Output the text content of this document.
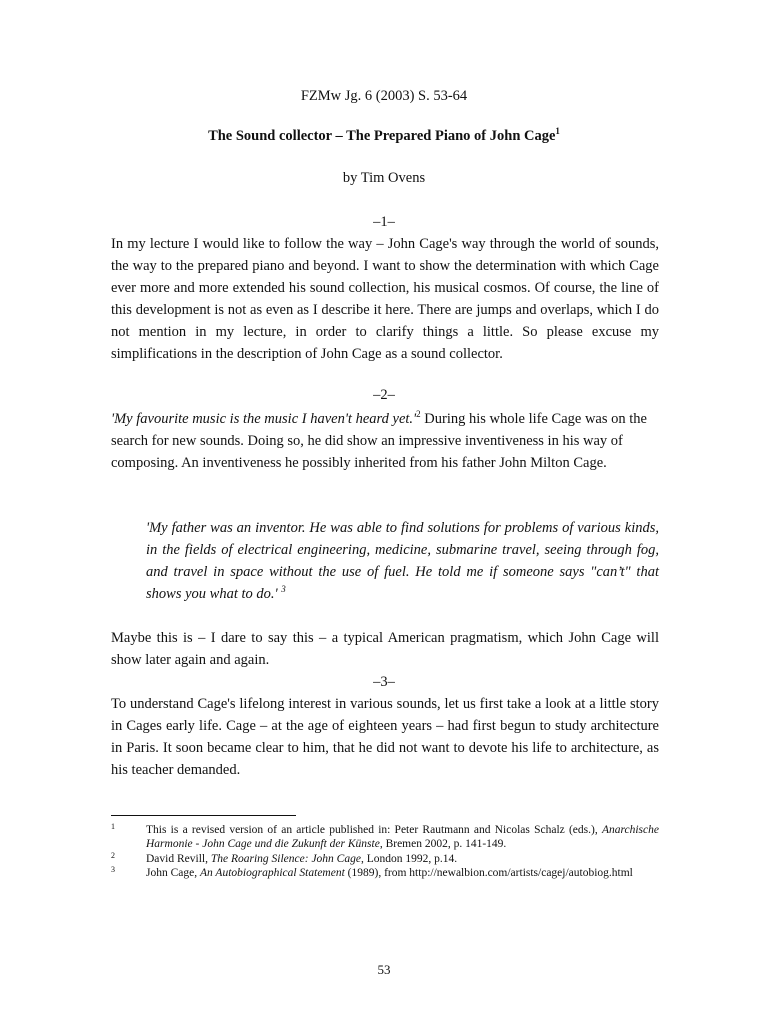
FZMw Jg. 6 (2003) S. 53-64
The Sound collector – The Prepared Piano of John Cage$^1$
by Tim Ovens
–1–

In my lecture I would like to follow the way – John Cage's way through the world of sounds, the way to the prepared piano and beyond. I want to show the determination with which Cage ever more and more extended his sound collection, his musical cosmos. Of course, the line of this development is not as even as I describe it here. There are jumps and overlaps, which I do not mention in my lecture, in order to clarify things a little. So please excuse my simplifications in the description of John Cage as a sound collector.

–2–

'My favourite music is the music I haven't heard $yet.'^2$ During his whole life Cage was on the search for new sounds. Doing so, he did show an impressive inventiveness in his way of composing. An inventiveness he possibly inherited from his father John Milton Cage.

'My father was an inventor. He was able to find solutions for problems of various kinds, in the fields of electrical engineering, medicine, submarine travel, seeing through fog, and travel in space without the use of fuel. He told me if someone says "can’t" that shows you what to do.' $^3$

Maybe this is – I dare to say this – a typical American pragmatism, which John Cage will show later again and again.

–3–

To understand Cage's lifelong interest in various sounds, let us first take a look at a little story in Cages early life. Cage – at the age of eighteen years – had first begun to study architecture in Paris. It soon became clear to him, that he did not want to devote his life to architecture, as his teacher demanded.

1	This is a revised version of an article published in: Peter Rautmann and Nicolas Schalz (eds.), Anarchische Harmonie - John Cage und die Zukunft der Künste, Bremen 2002, p. 141-149.
2	David Revill, The Roaring Silence: John Cage, London 1992, p.14.
3	John Cage, An Autobiographical Statement (1989), from http://newalbion.com/artists/cagej/autobiog.html
53
